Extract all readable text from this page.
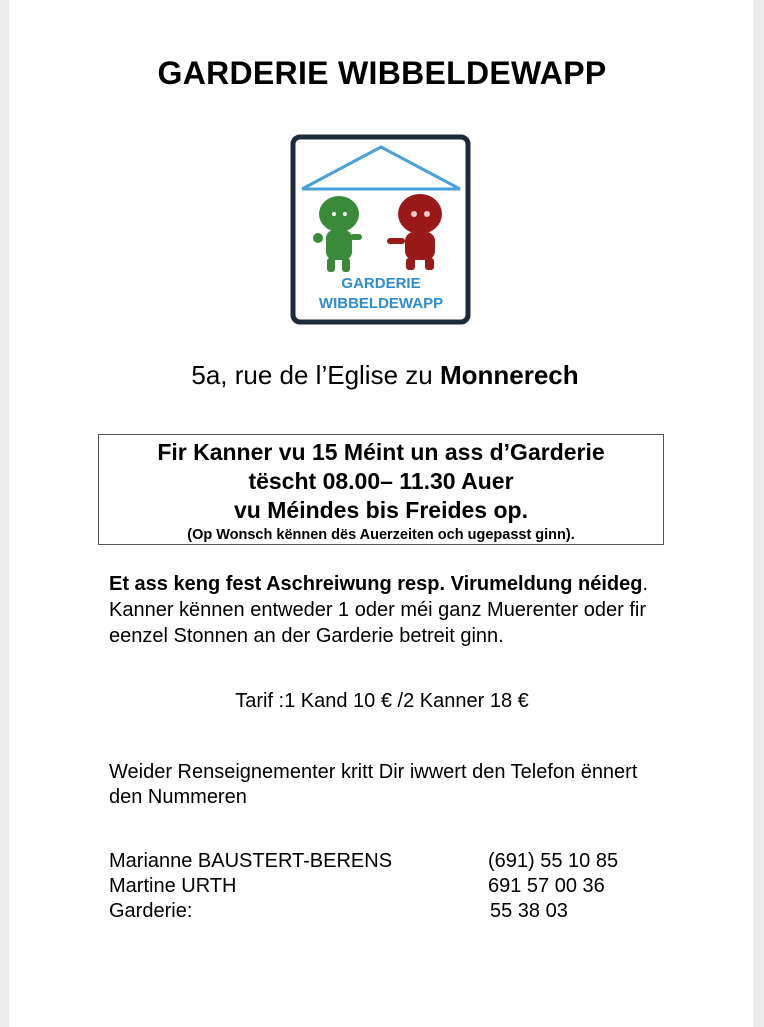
GARDERIE WIBBELDEWAPP
GARDERIE
WIBBELDEWAPP
5a, rue de l’Eglise zu Monnerech
Fir Kanner vu 15 Méint un ass d’Garderie
tëscht 08.00– 11.30 Auer
vu Méindes bis Freides op.
(Op Wonsch kënnen dës Auerzeiten och ugepasst ginn).
Et ass keng fest Aschreiwung resp. Virumeldung néideg. Kanner kënnen entweder 1 oder méi ganz Muerenter oder fir eenzel Stonnen an der Garderie betreit ginn.
Tarif :1 Kand 10 € /2 Kanner 18 €
Weider Renseignementer kritt Dir iwwert den Telefon ënnert den Nummeren
Marianne BAUSTERT-BERENS	(691) 55 10 85
Martine URTH	691 57 00 36
Garderie:	55 38 03
